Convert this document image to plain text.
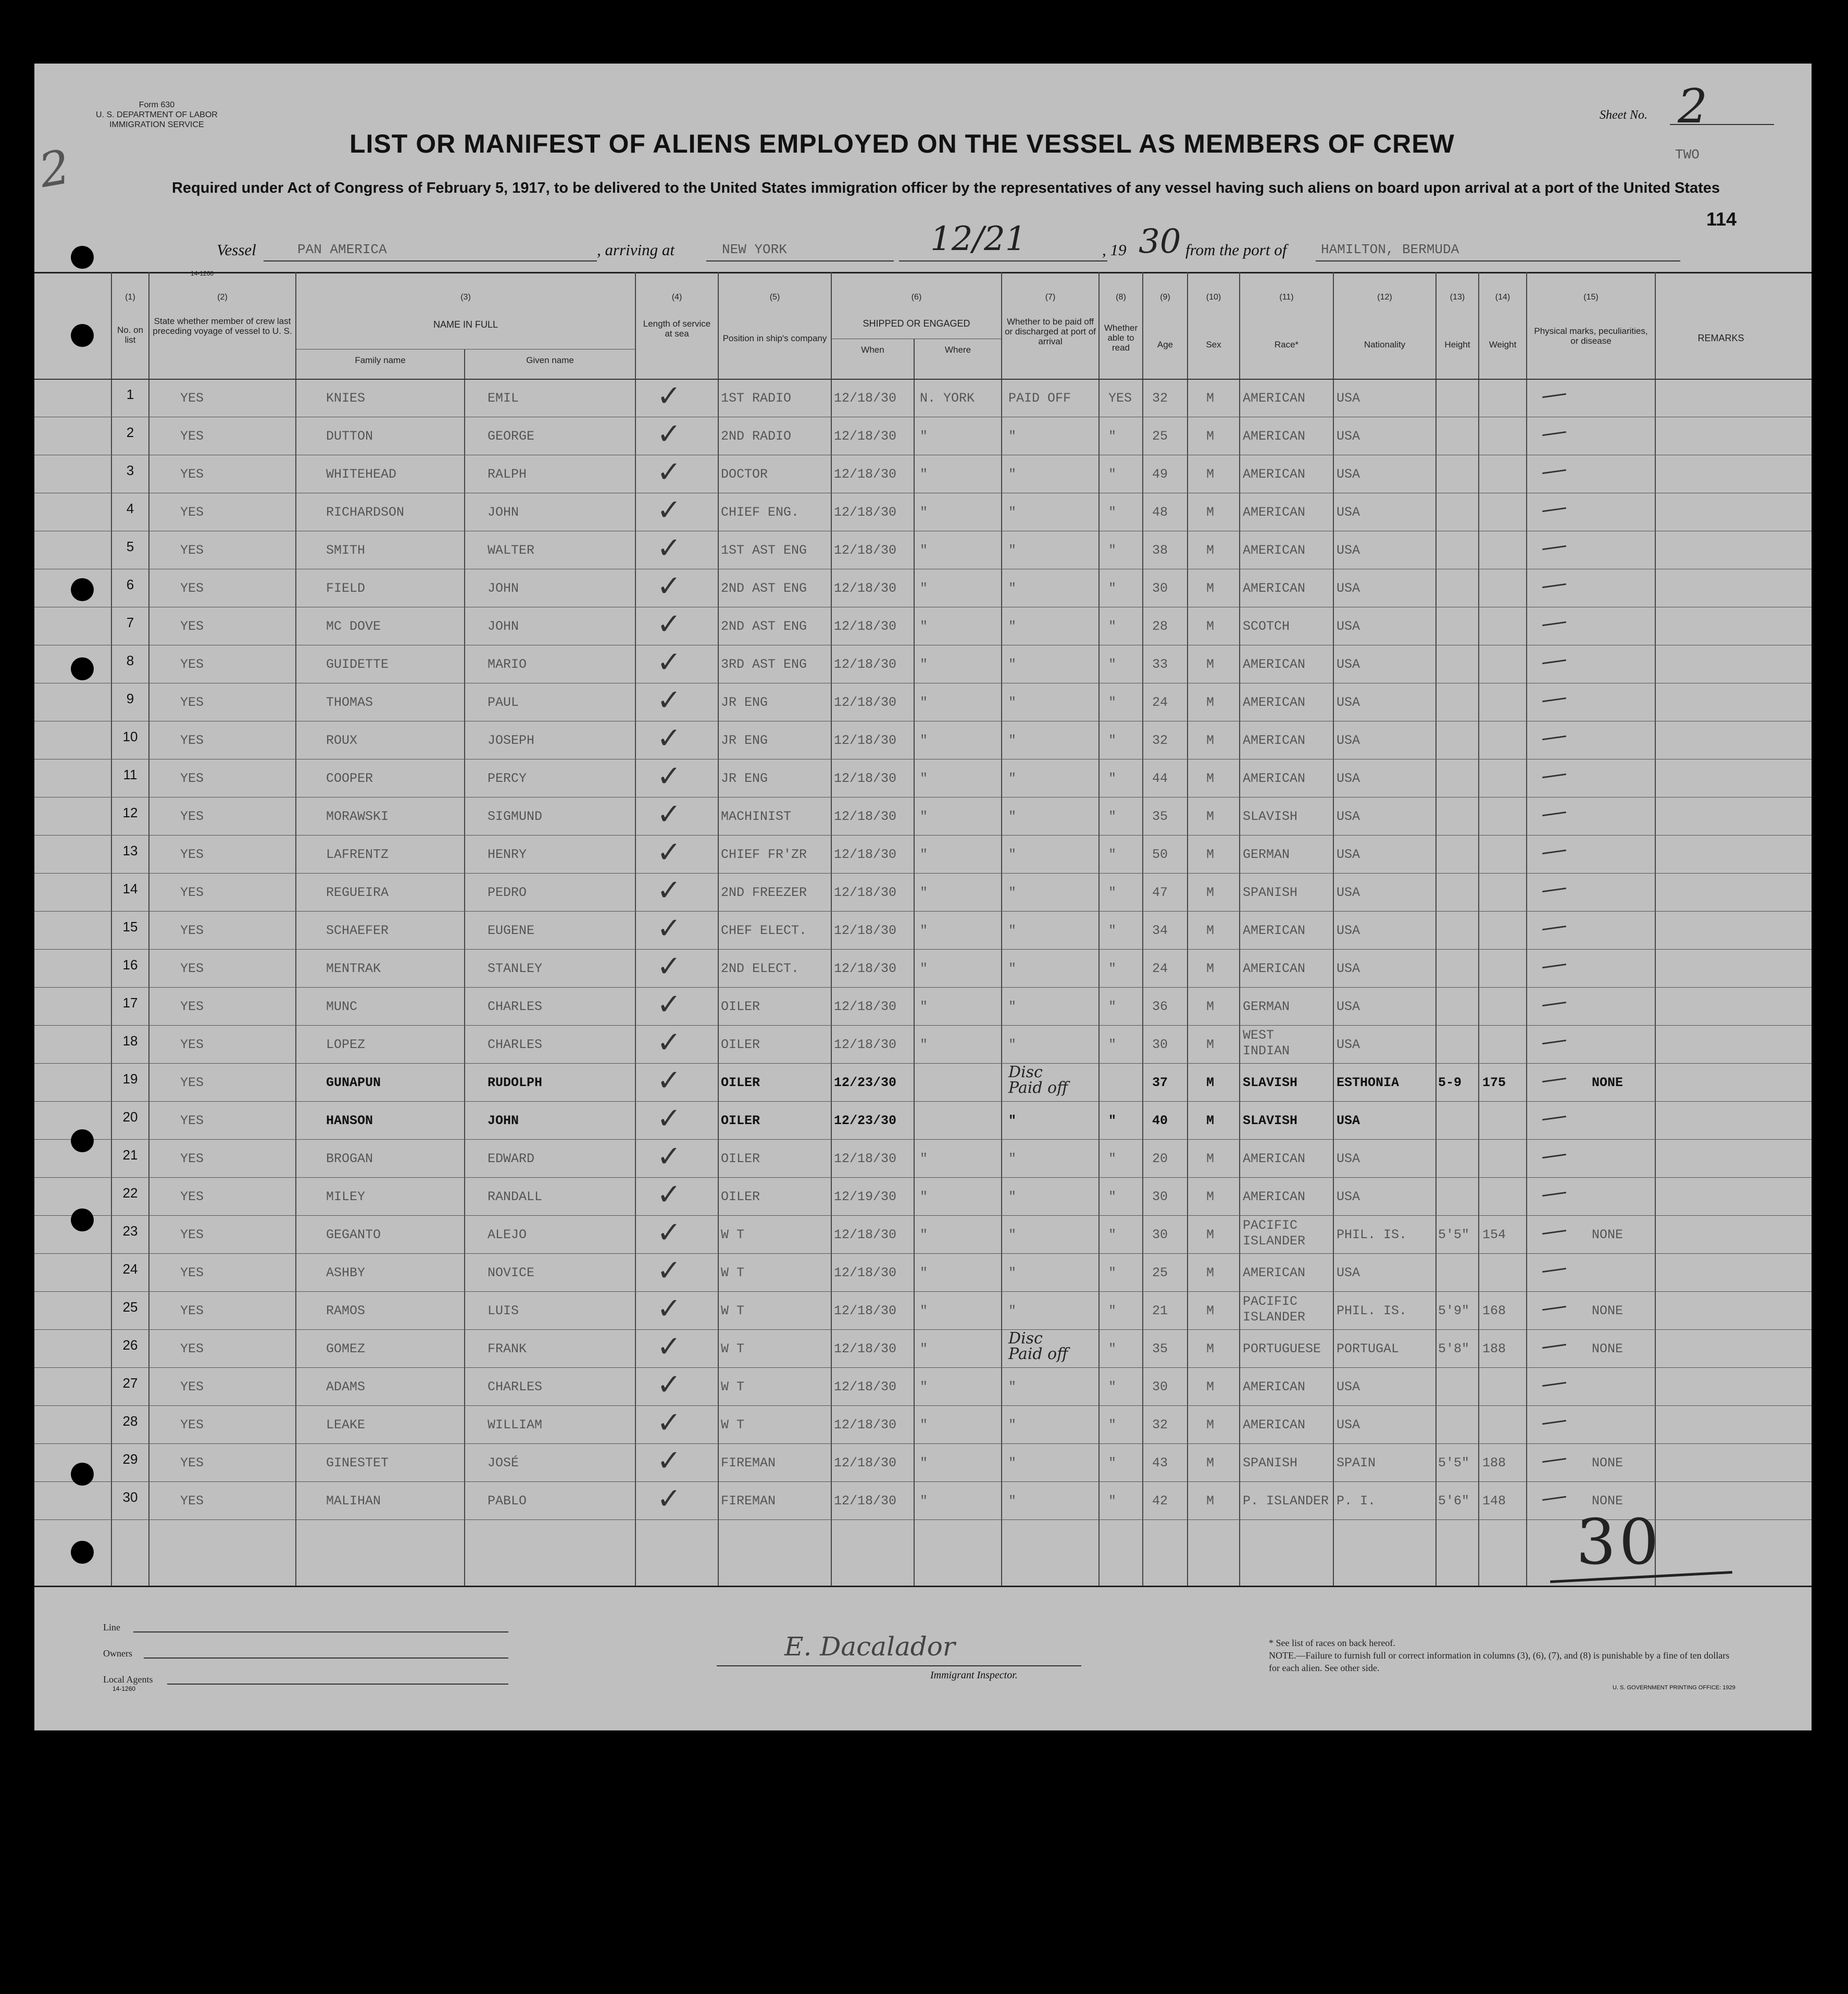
Form 630
U. S. DEPARTMENT OF LABOR
IMMIGRATION SERVICE
2	LIST OR MANIFEST OF ALIENS EMPLOYED ON THE VESSEL AS MEMBERS OF CREW
Sheet No. 2
TWO
Required under Act of Congress of February 5, 1917, to be delivered to the United States immigration officer by the representatives of any vessel having such aliens on board upon arrival at a port of the United States
114
Vessel	PAN AMERICA	, arriving at	NEW YORK	12/21	, 19 30 from the port of	HAMILTON, BERMUDA
14-1260
(1)
No. on list
(2)
State whether member of crew last preceding voyage of vessel to U. S.
(3)
NAME IN FULL
Family name	Given name
(4)
Length of service at sea
(5)
Position in ship's company
(6)
SHIPPED OR ENGAGED
When	Where
(7)
Whether to be paid off or discharged at port of arrival
(8)
Whether able to read
(9)
Age
(10)
Sex
(11)
Race*
(12)
Nationality
(13)
Height
(14)
Weight
(15)
Physical marks, peculiarities, or disease	REMARKS
1	✓
YES	KNIES	EMIL	1ST RADIO	12/18/30 N. YORK	PAID OFF	YES 32	M AMERICAN USA
2	✓
YES	DUTTON	GEORGE	2ND RADIO	12/18/30 "	"	"	25	M AMERICAN USA
3	✓
YES	WHITEHEAD	RALPH	DOCTOR	12/18/30 "	"	"	49	M AMERICAN USA
4	✓
YES	RICHARDSON	JOHN	CHIEF ENG.	12/18/30 "	"	"	48	M AMERICAN USA
5	✓
YES	SMITH	WALTER	1ST AST ENG 12/18/30 "	"	"	38	M AMERICAN USA
6	✓
YES	FIELD	JOHN	2ND AST ENG 12/18/30 "	"	"	30	M AMERICAN USA
7	✓
YES	MC DOVE	JOHN	2ND AST ENG 12/18/30 "	"	"	28	M SCOTCH	USA
8	✓
YES	GUIDETTE	MARIO	3RD AST ENG 12/18/30 "	"	"	33	M AMERICAN USA
9	✓
YES	THOMAS	PAUL	JR ENG	12/18/30 "	"	"	24	M AMERICAN USA
10	✓
YES	ROUX	JOSEPH	JR ENG	12/18/30 "	"	"	32	M AMERICAN USA
11	✓
YES	COOPER	PERCY	JR ENG	12/18/30 "	"	"	44	M AMERICAN USA
12	✓
YES	MORAWSKI	SIGMUND	MACHINIST	12/18/30 "	"	"	35	M SLAVISH	USA
13	✓
YES	LAFRENTZ	HENRY	CHIEF FR'ZR 12/18/30 "	"	"	50	M GERMAN	USA
14	✓
YES	REGUEIRA	PEDRO	2ND FREEZER 12/18/30 "	"	"	47	M SPANISH	USA
15	✓
YES	SCHAEFER	EUGENE	CHEF ELECT. 12/18/30 "	"	"	34	M AMERICAN USA
16	✓
YES	MENTRAK	STANLEY	2ND ELECT.	12/18/30 "	"	"	24	M AMERICAN USA
17	✓
YES	MUNC	CHARLES	OILER	12/18/30 "	"	"	36	M GERMAN	USA
18	✓
YES	LOPEZ	CHARLES	OILER	12/18/30 "	"	"	30	M
WEST
INDIAN	USA
19	✓
YES	GUNAPUN	RUDOLPH	OILER	12/23/30
Disc
Paid off	37	M SLAVISH	ESTHONIA	5-9 175	NONE
20	✓
YES	HANSON	JOHN	OILER	12/23/30	"	"	40	M SLAVISH	USA
21	✓
YES	BROGAN	EDWARD	OILER	12/18/30 "	"	"	20	M AMERICAN USA
22	✓
YES	MILEY	RANDALL	OILER	12/19/30 "	"	"	30	M AMERICAN USA
23	✓
YES	GEGANTO	ALEJO	W T	12/18/30 "	"	"	30	M
PACIFIC
ISLANDER PHIL. IS. 5'5" 154	NONE
24	✓
YES	ASHBY	NOVICE	W T	12/18/30 "	"	"	25	M AMERICAN USA
25	✓
YES	RAMOS	LUIS	W T	12/18/30 "	"	"	21	M
PACIFIC
ISLANDER PHIL. IS. 5'9" 168	NONE
26	✓
YES	GOMEZ	FRANK	W T	12/18/30 "
Disc
Paid off	"	35	M PORTUGUESE PORTUGAL	5'8" 188	NONE
27	✓
YES	ADAMS	CHARLES	W T	12/18/30 "	"	"	30	M AMERICAN USA
28	✓
YES	LEAKE	WILLIAM	W T	12/18/30 "	"	"	32	M AMERICAN USA
29	✓
YES	GINESTET	JOSÉ	FIREMAN	12/18/30 "	"	"	43	M SPANISH	SPAIN	5'5" 188	NONE
30	✓
YES	MALIHAN	PABLO	FIREMAN	12/18/30 "	"	"	42	M P. ISLANDER P. I.	5'6" 148	NONE
30
Line
Owners
Local Agents
14-1260
E. Dacalador
Immigrant Inspector.
* See list of races on back hereof.
NOTE.—Failure to furnish full or correct information in columns (3), (6), (7), and (8) is punishable by a fine of ten dollars for each alien. See other side.
U. S. GOVERNMENT PRINTING OFFICE: 1929
